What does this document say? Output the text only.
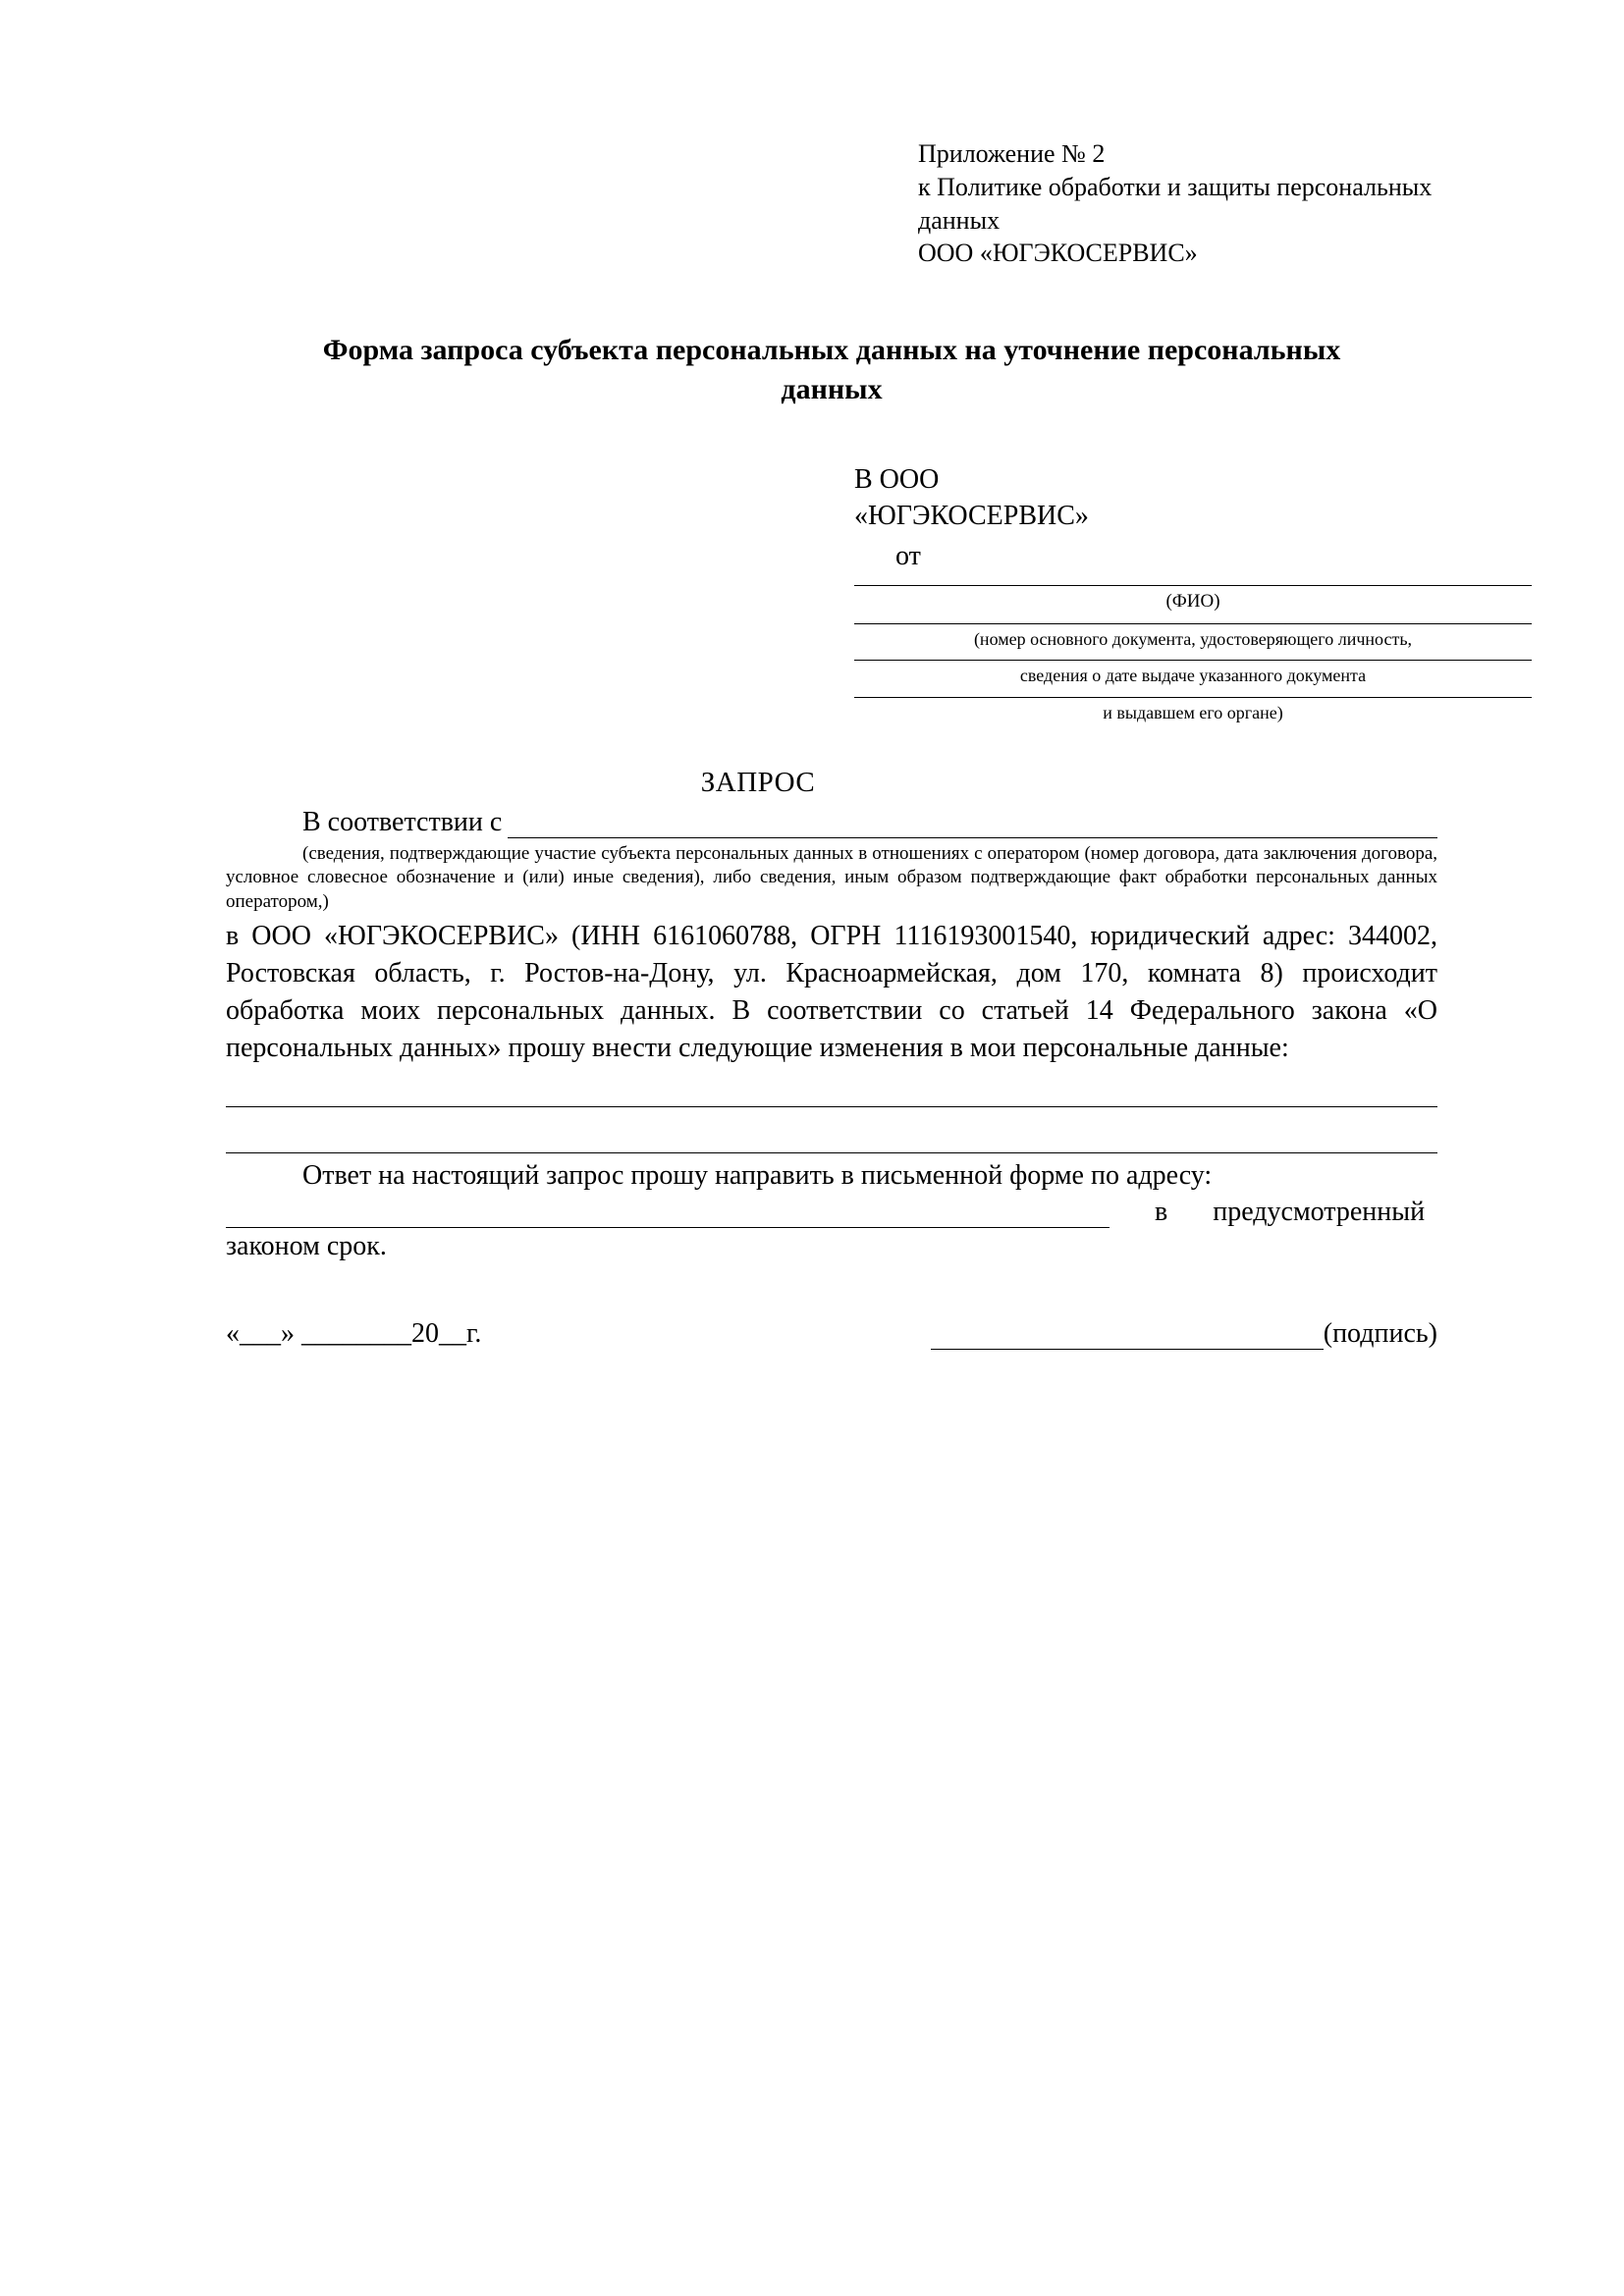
Приложение № 2
к Политике обработки и защиты персональных
данных
ООО «ЮГЭКОСЕРВИС»
Форма запроса субъекта персональных данных на уточнение персональных данных
В ООО
«ЮГЭКОСЕРВИС»
от
(ФИО)
(номер основного документа, удостоверяющего личность,
сведения о дате выдаче указанного документа
и выдавшем его органе)
ЗАПРОС
В соответствии с
(сведения, подтверждающие участие субъекта персональных данных в отношениях с оператором (номер договора, дата заключения договора, условное словесное обозначение и (или) иные сведения), либо сведения, иным образом подтверждающие факт обработки персональных данных оператором,)
в ООО «ЮГЭКОСЕРВИС» (ИНН 6161060788, ОГРН 1116193001540, юридический адрес: 344002, Ростовская область, г. Ростов-на-Дону, ул. Красноармейская, дом 170, комната 8) происходит обработка моих персональных данных. В соответствии со статьей 14 Федерального закона «О персональных данных» прошу внести следующие изменения в мои персональные данные:
Ответ на настоящий запрос прошу направить в письменной форме по адресу:
в	предусмотренный
законом срок.
«___» ________20__г.	(подпись)
